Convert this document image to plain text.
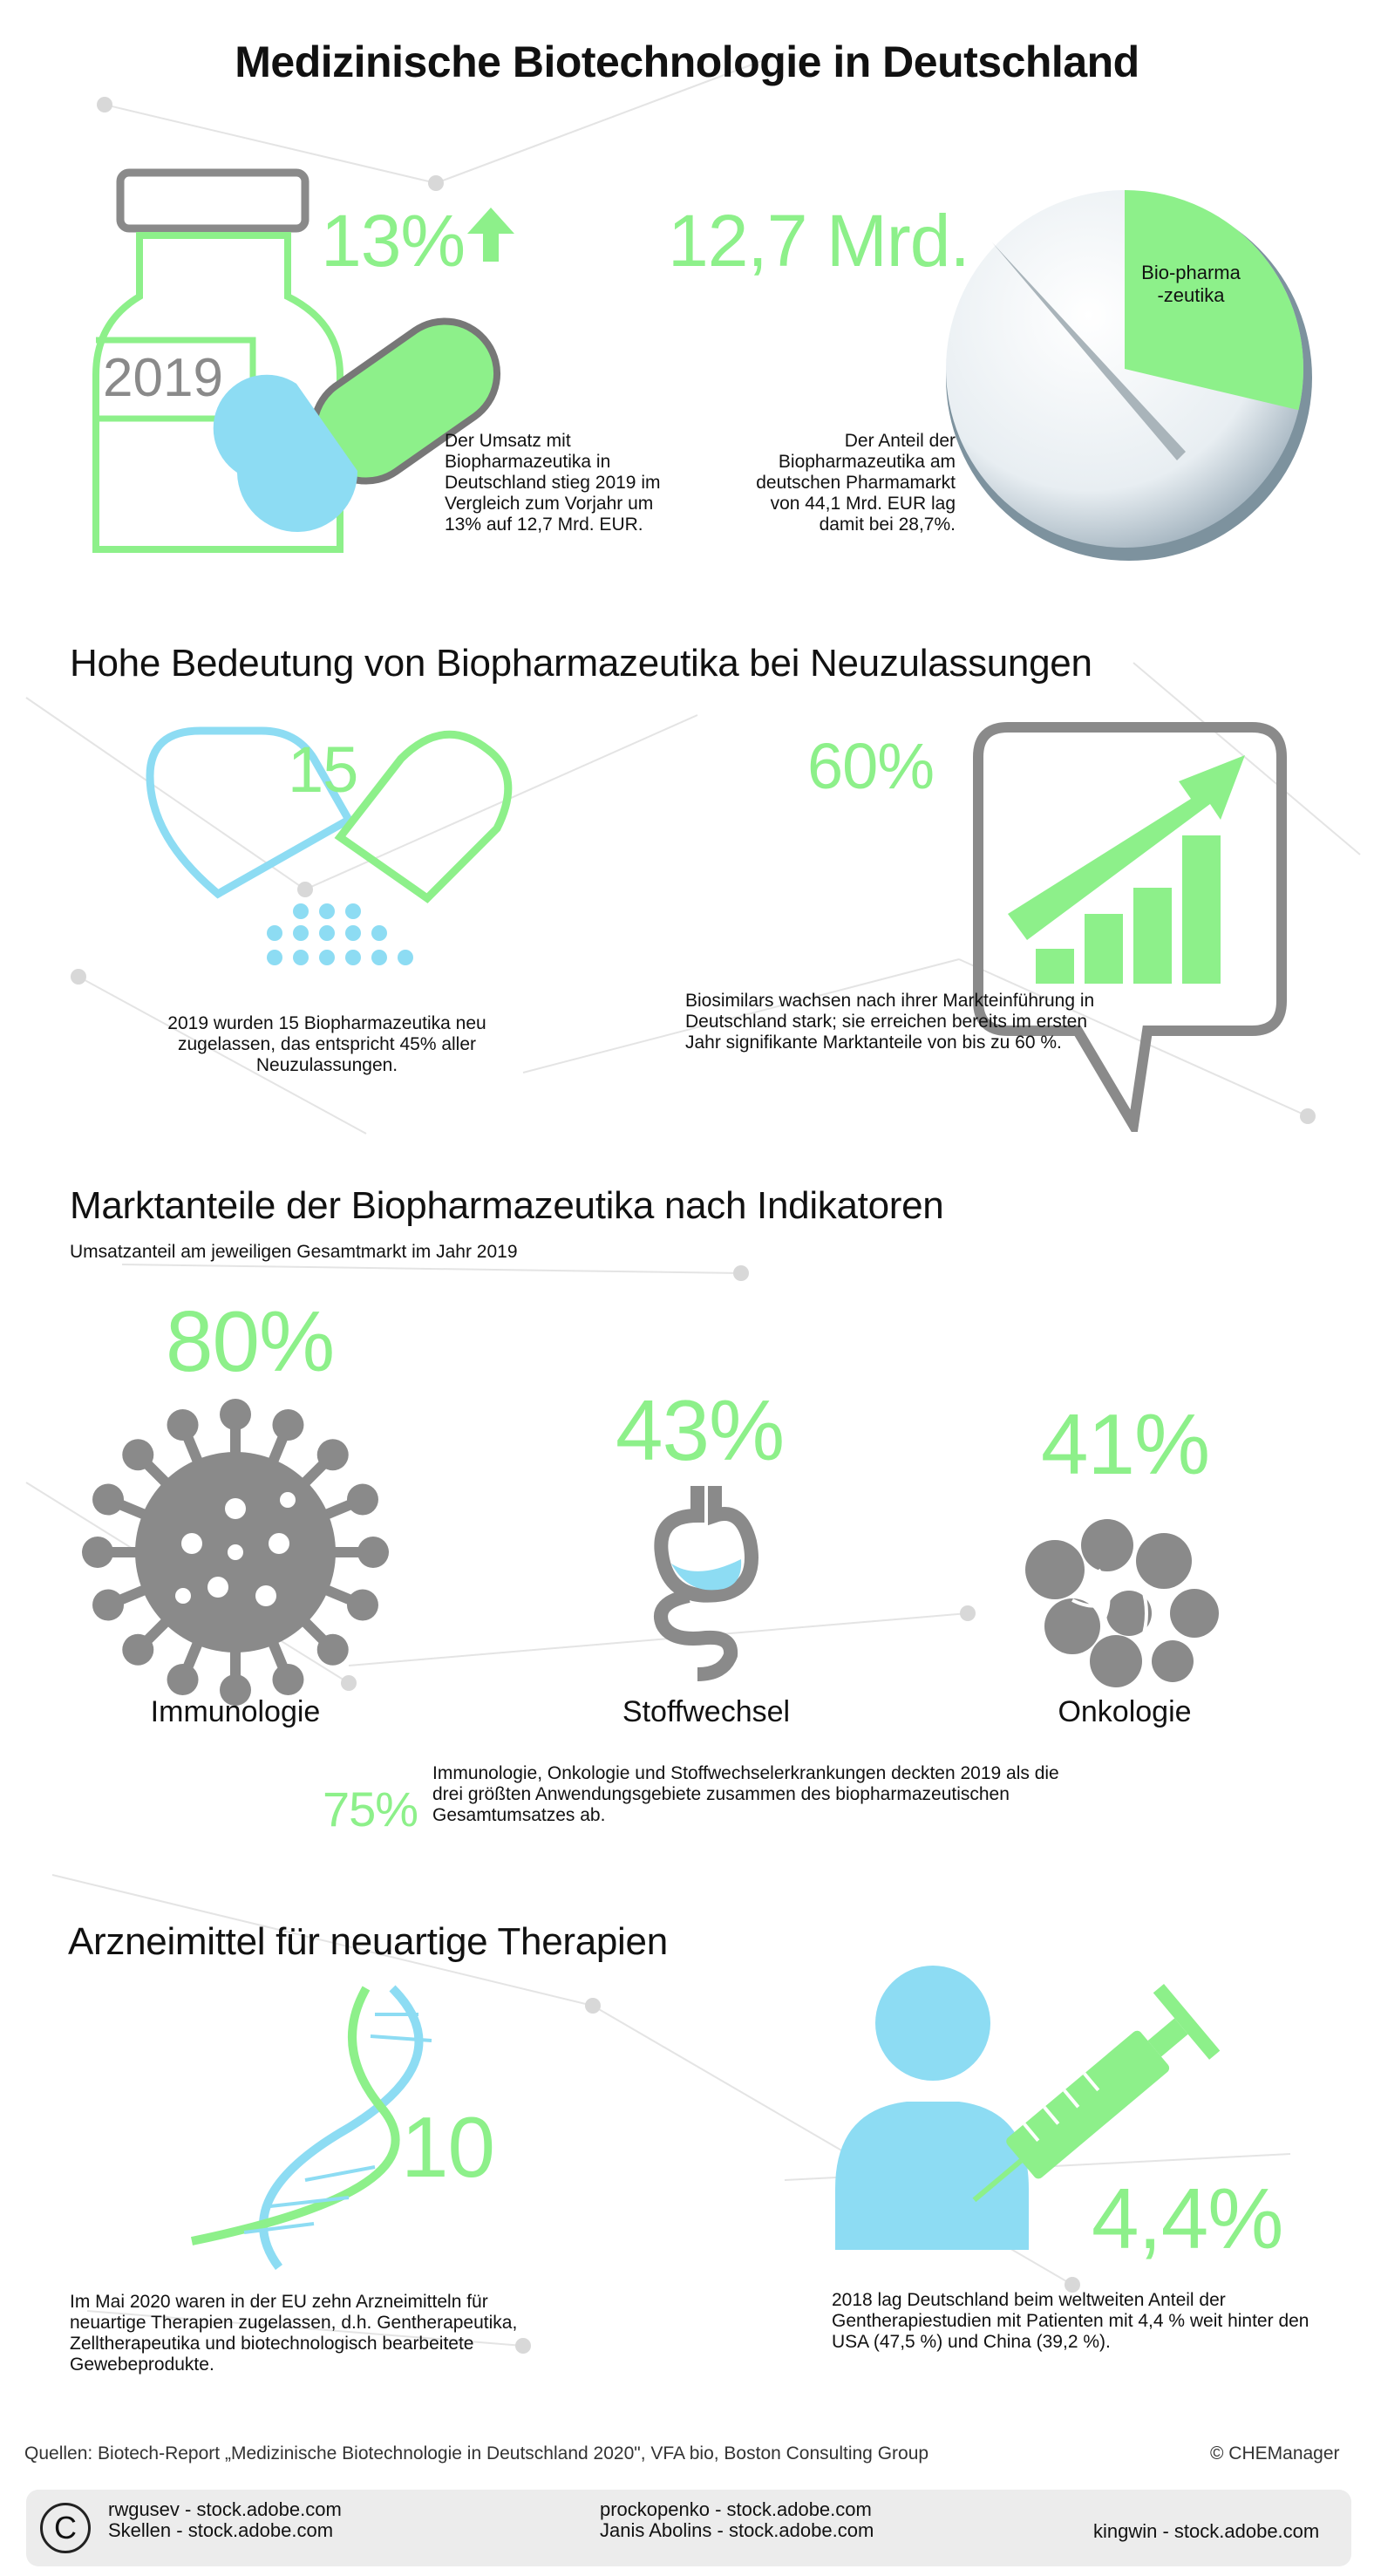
Medizinische Biotechnologie in Deutschland
2019
13%
Der Umsatz mit Biopharmazeutika in Deutschland stieg 2019 im Vergleich zum Vorjahr um 13% auf 12,7 Mrd. EUR.
12,7 Mrd.
Der Anteil der Biopharmazeutika am deutschen Pharmamarkt von 44,1 Mrd. EUR lag damit bei 28,7%.
Bio-pharma-zeutika
Hohe Bedeutung von Biopharmazeutika bei Neuzulassungen
15
2019 wurden 15 Biopharmazeutika neu zugelassen, das entspricht 45% aller Neuzulassungen.
60%
1 Jahr
Biosimilars wachsen nach ihrer Markteinführung in Deutschland stark; sie erreichen bereits im ersten Jahr signifikante Marktanteile von bis zu 60 %.
Marktanteile der Biopharmazeutika nach Indikatoren
Umsatzanteil am jeweiligen Gesamtmarkt im Jahr 2019
80%
Immunologie
43%
Stoffwechsel
41%
Onkologie
75%
Immunologie, Onkologie und Stoffwechselerkrankungen deckten 2019 als die drei größten Anwendungsgebiete zusammen des biopharmazeutischen Gesamtumsatzes ab.
Arzneimittel für neuartige Therapien
10
Im Mai 2020 waren in der EU zehn Arzneimitteln für neuartige Therapien zugelassen, d.h. Gentherapeutika, Zelltherapeutika und biotechnologisch bearbeitete Gewebeprodukte.
4,4%
2018 lag Deutschland beim weltweiten Anteil der Gentherapiestudien mit Patienten mit 4,4 % weit hinter den USA (47,5 %) und China (39,2 %).
Quellen: Biotech-Report „Medizinische Biotechnologie in Deutschland 2020", VFA bio, Boston Consulting Group	© CHEManager
C
rwgusev - stock.adobe.com
Skellen - stock.adobe.com
prockopenko - stock.adobe.com
Janis Abolins - stock.adobe.com	kingwin - stock.adobe.com
